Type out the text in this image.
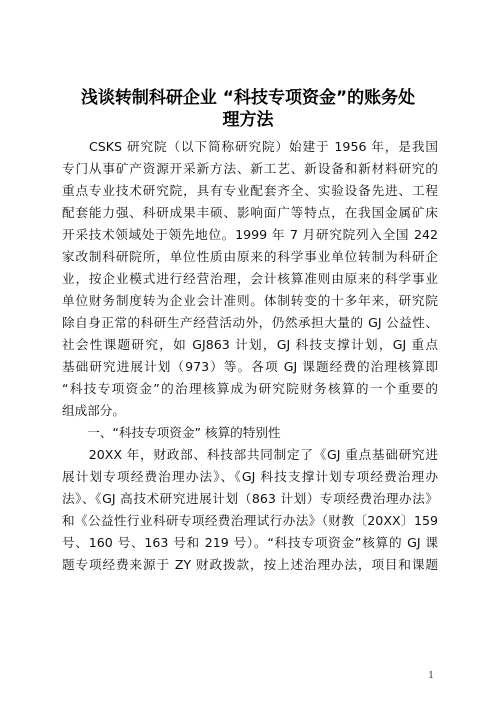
浅谈转制科研企业 “科技专项资金”的账务处
理方法
　　CSKS 研究院（以下简称研究院）始建于 1956 年，是我国
专门从事矿产资源开采新方法、新工艺、新设备和新材料研究的
重点专业技术研究院，具有专业配套齐全、实验设备先进、工程
配套能力强、科研成果丰硕、影响面广等特点，在我国金属矿床
开采技术领域处于领先地位。1999 年 7 月研究院列入全国 242
家改制科研院所，单位性质由原来的科学事业单位转制为科研企
业，按企业模式进行经营治理，会计核算准则由原来的科学事业
单位财务制度转为企业会计准则。体制转变的十多年来，研究院
除自身正常的科研生产经营活动外，仍然承担大量的 GJ 公益性、
社会性课题研究，如 GJ863 计划，GJ 科技支撑计划，GJ 重点
基础研究进展计划（973）等。各项 GJ 课题经费的治理核算即
“科技专项资金”的治理核算成为研究院财务核算的一个重要的
组成部分。
　　一、“科技专项资金” 核算的特别性
　　20XX 年，财政部、科技部共同制定了《GJ 重点基础研究进
展计划专项经费治理办法》、《GJ 科技支撑计划专项经费治理办
法》、《GJ 高技术研究进展计划（863 计划）专项经费治理办法》
和《公益性行业科研专项经费治理试行办法》（财教〔20XX〕159
号、160 号、163 号和 219 号）。“科技专项资金”核算的 GJ 课
题专项经费来源于 ZY 财政拨款，按上述治理办法，项目和课题
1
